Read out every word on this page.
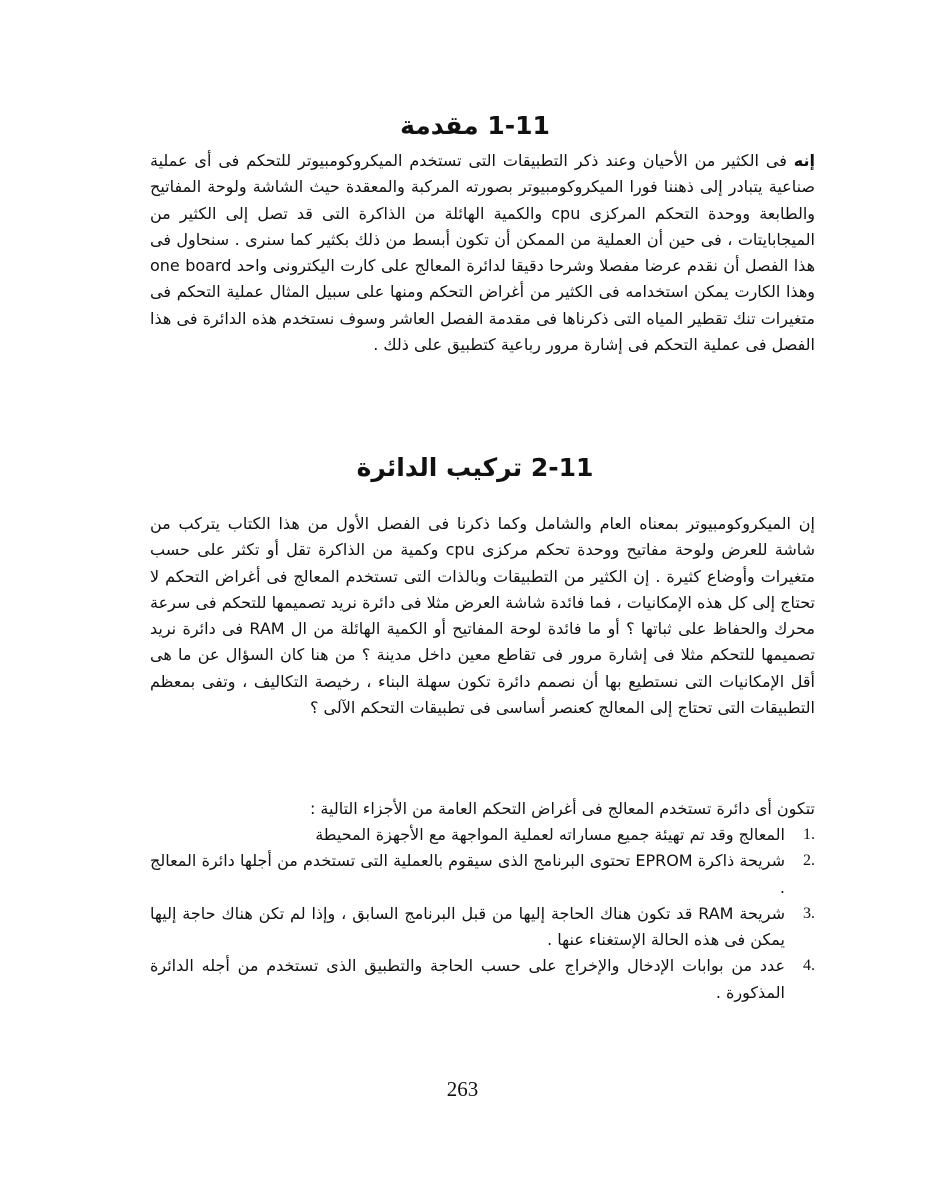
1-11 مقدمة

إنه فى الكثير من الأحيان وعند ذكر التطبيقات التى تستخدم الميكروكومبيوتر للتحكم فى أى عملية صناعية يتبادر إلى ذهننا فورا الميكروكومبيوتر بصورته المركبة والمعقدة حيث الشاشة ولوحة المفاتيح والطابعة ووحدة التحكم المركزى cpu والكمية الهائلة من الذاكرة التى قد تصل إلى الكثير من الميجابايتات ، فى حين أن العملية من الممكن أن تكون أبسط من ذلك بكثير كما سنرى . سنحاول فى هذا الفصل أن نقدم عرضا مفصلا وشرحا دقيقا لدائرة المعالج على كارت اليكترونى واحد one board وهذا الكارت يمكن استخدامه فى الكثير من أغراض التحكم ومنها على سبيل المثال عملية التحكم فى متغيرات تنك تقطير المياه التى ذكرناها فى مقدمة الفصل العاشر وسوف نستخدم هذه الدائرة فى هذا الفصل فى عملية التحكم فى إشارة مرور رباعية كتطبيق على ذلك .

2-11 تركيب الدائرة

إن الميكروكومبيوتر بمعناه العام والشامل وكما ذكرنا فى الفصل الأول من هذا الكتاب يتركب من شاشة للعرض ولوحة مفاتيح ووحدة تحكم مركزى cpu وكمية من الذاكرة تقل أو تكثر على حسب متغيرات وأوضاع كثيرة . إن الكثير من التطبيقات وبالذات التى تستخدم المعالج فى أغراض التحكم لا تحتاج إلى كل هذه الإمكانيات ، فما فائدة شاشة العرض مثلا فى دائرة نريد تصميمها للتحكم فى سرعة محرك والحفاظ على ثباتها ؟ أو ما فائدة لوحة المفاتيح أو الكمية الهائلة من ال RAM فى دائرة نريد تصميمها للتحكم مثلا فى إشارة مرور فى تقاطع معين داخل مدينة ؟ من هنا كان السؤال عن ما هى أقل الإمكانيات التى نستطيع بها أن نصمم دائرة تكون سهلة البناء ، رخيصة التكاليف ، وتفى بمعظم التطبيقات التى تحتاج إلى المعالج كعنصر أساسى فى تطبيقات التحكم الآلى ؟

تتكون أى دائرة تستخدم المعالج فى أغراض التحكم العامة من الأجزاء التالية :

1.
المعالج وقد تم تهيئة جميع مساراته لعملية المواجهة مع الأجهزة المحيطة
2.
شريحة ذاكرة EPROM تحتوى البرنامج الذى سيقوم بالعملية التى تستخدم من أجلها دائرة المعالج .
3.
شريحة RAM قد تكون هناك الحاجة إليها من قبل البرنامج السابق ، وإذا لم تكن هناك حاجة إليها يمكن فى هذه الحالة الإستغناء عنها .
4.
عدد من بوابات الإدخال والإخراج على حسب الحاجة والتطبيق الذى تستخدم من أجله الدائرة المذكورة .
263
